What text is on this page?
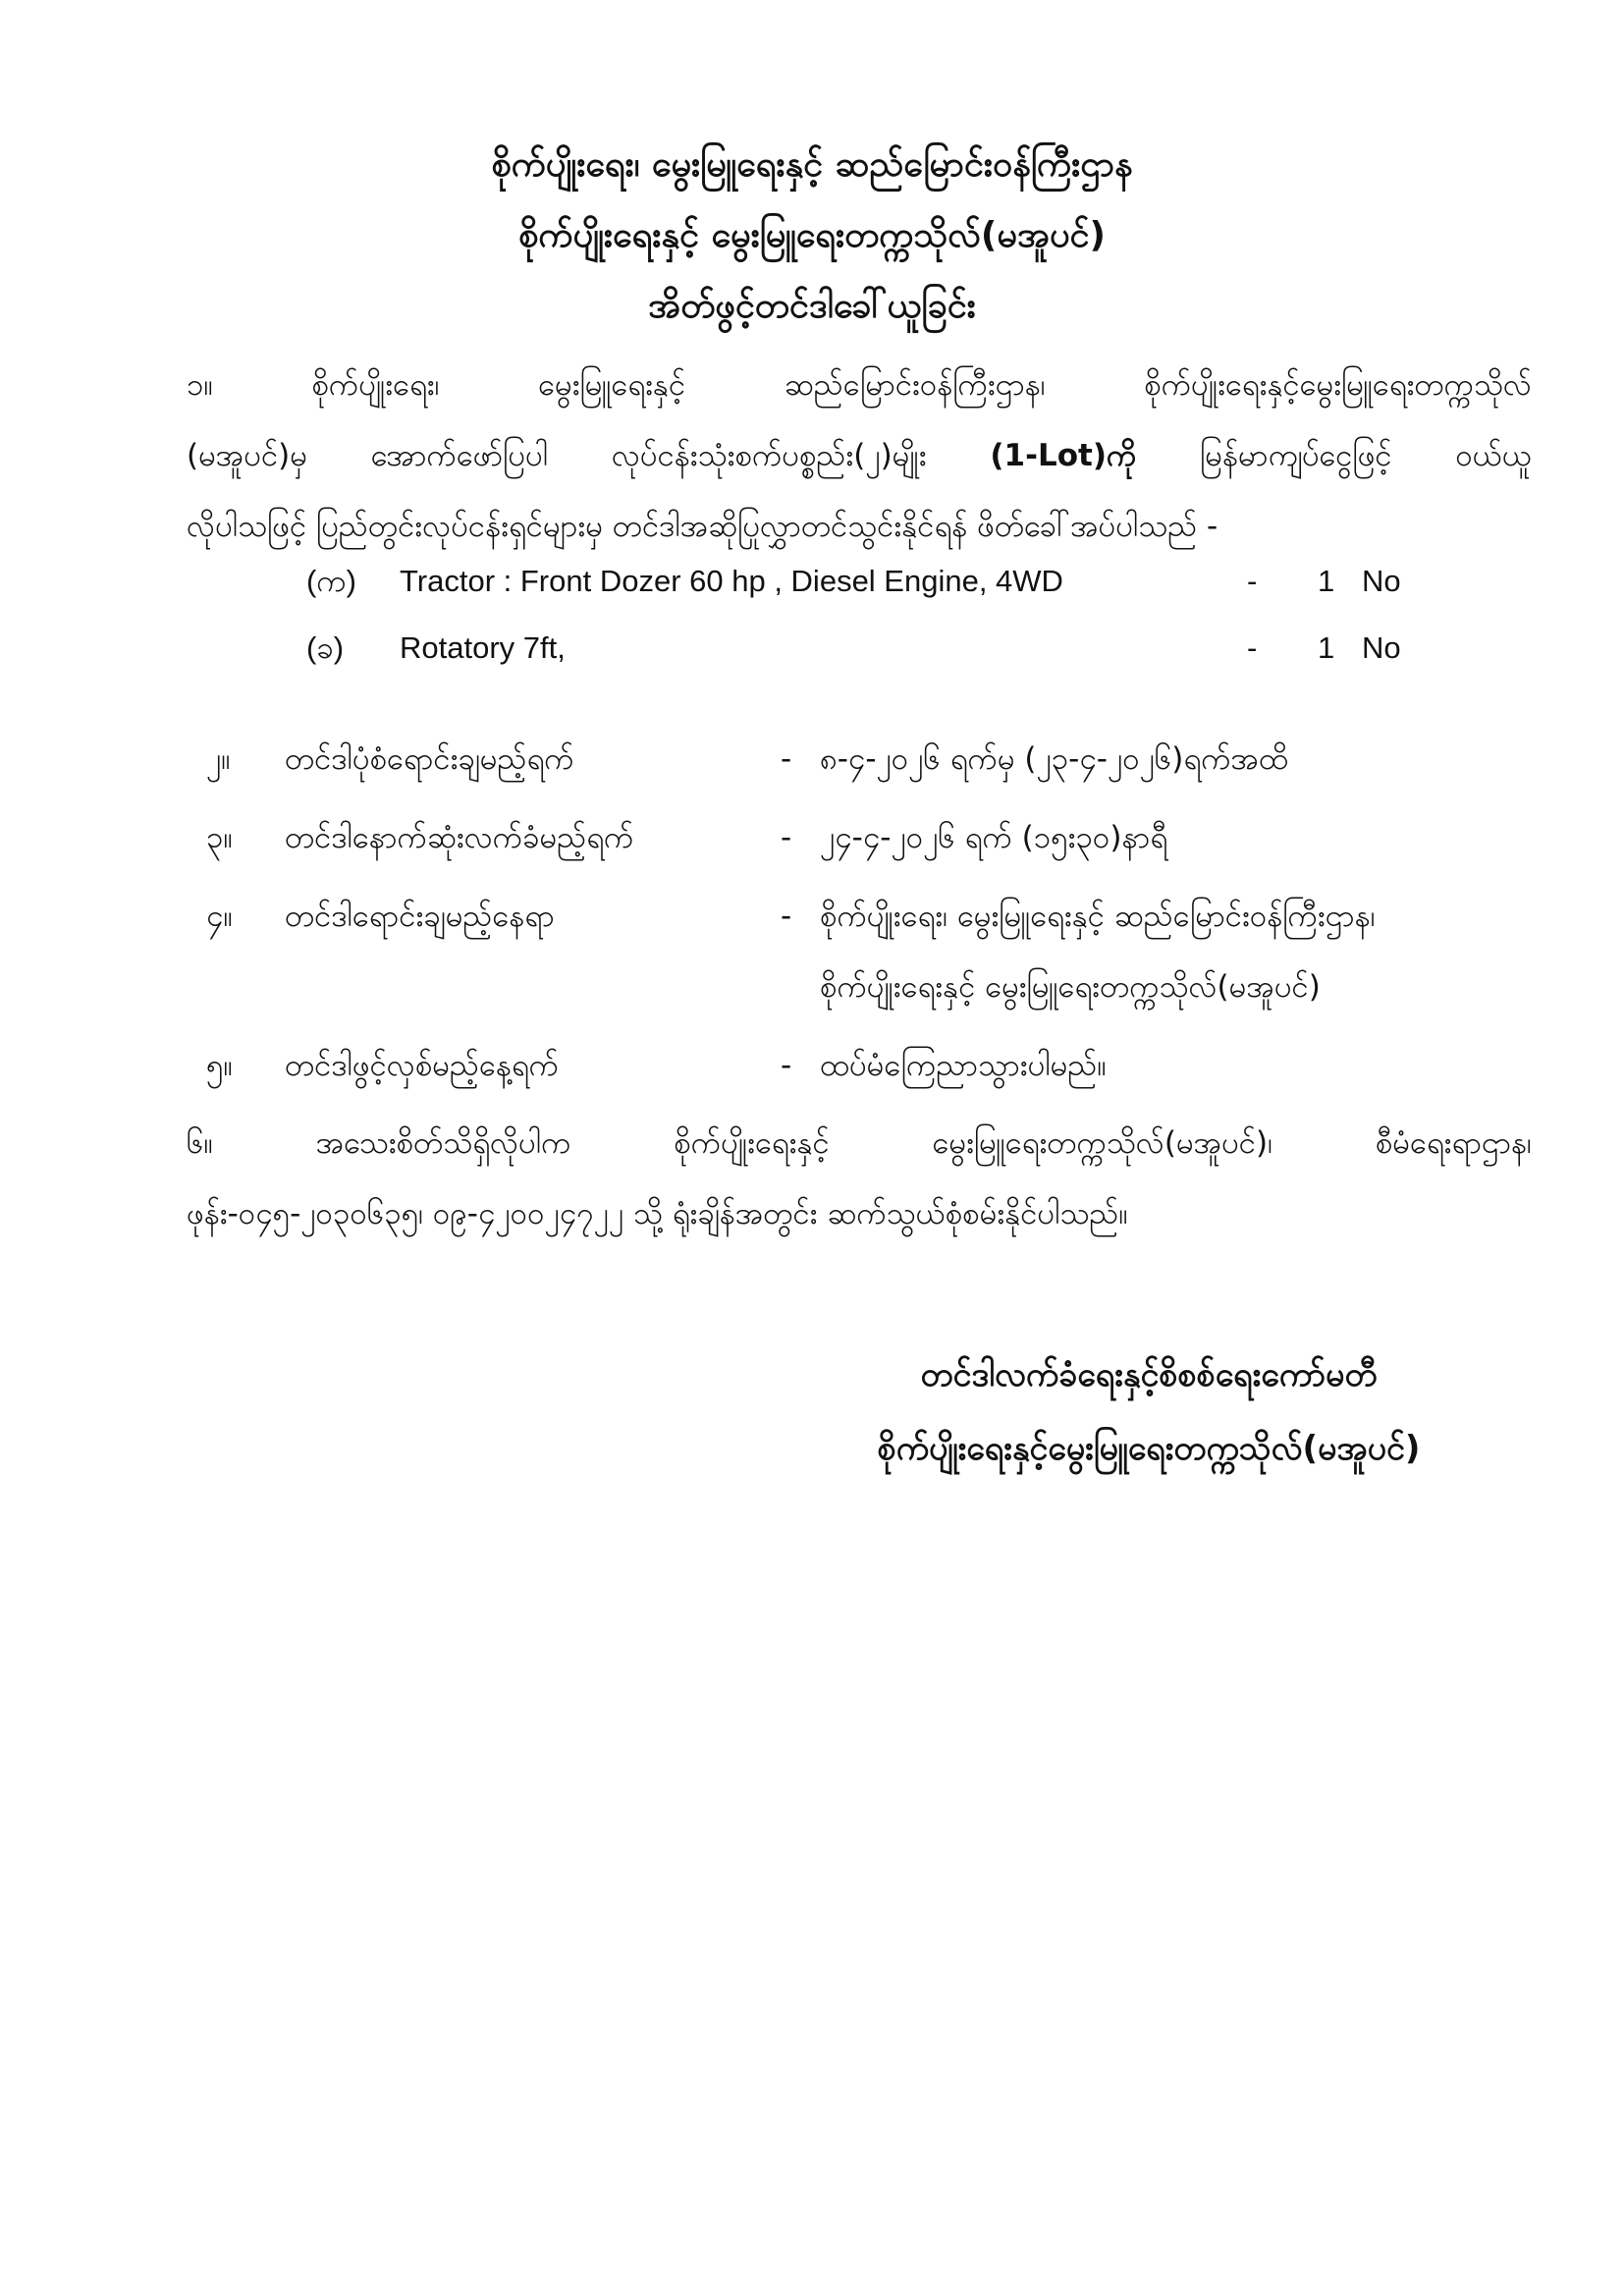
စိုက်ပျိုးရေး၊ မွေးမြူရေးနှင့် ဆည်မြောင်းဝန်ကြီးဌာန
စိုက်ပျိုးရေးနှင့် မွေးမြူရေးတက္ကသိုလ်(မအူပင်)
အိတ်ဖွင့်တင်ဒါခေါ်ယူခြင်း
၁။	စိုက်ပျိုးရေး၊	မွေးမြူရေးနှင့်	ဆည်မြောင်းဝန်ကြီးဌာန၊	စိုက်ပျိုးရေးနှင့်မွေးမြူရေးတက္ကသိုလ်
(မအူပင်)မှ အောက်ဖော်ပြပါ လုပ်ငန်းသုံးစက်ပစ္စည်း(၂)မျိုး (1-Lot)ကို မြန်မာကျပ်ငွေဖြင့် ဝယ်ယူ
လိုပါသဖြင့် ပြည်တွင်းလုပ်ငန်းရှင်များမှ တင်ဒါအဆိုပြုလွှာတင်သွင်းနိုင်ရန် ဖိတ်ခေါ်အပ်ပါသည် -
(က) Tractor : Front Dozer 60 hp , Diesel Engine, 4WD	- 1 No
(ခ) Rotatory 7ft,	- 1 No
၂။ တင်ဒါပုံစံရောင်းချမည့်ရက်	- ၈-၄-၂၀၂၆ ရက်မှ (၂၃-၄-၂၀၂၆)ရက်အထိ
၃။ တင်ဒါနောက်ဆုံးလက်ခံမည့်ရက်	- ၂၄-၄-၂၀၂၆ ရက် (၁၅း၃၀)နာရီ
၄။ တင်ဒါရောင်းချမည့်နေရာ	- စိုက်ပျိုးရေး၊ မွေးမြူရေးနှင့် ဆည်မြောင်းဝန်ကြီးဌာန၊
စိုက်ပျိုးရေးနှင့် မွေးမြူရေးတက္ကသိုလ်(မအူပင်)
၅။ တင်ဒါဖွင့်လှစ်မည့်နေ့ရက်	- ထပ်မံကြေညာသွားပါမည်။
၆။	အသေးစိတ်သိရှိလိုပါက	စိုက်ပျိုးရေးနှင့်	မွေးမြူရေးတက္ကသိုလ်(မအူပင်)၊	စီမံရေးရာဌာန၊
ဖုန်း-၀၄၅-၂၀၃၀၆၃၅၊ ၀၉-၄၂၀၀၂၄၇၂၂ သို့ ရုံးချိန်အတွင်း ဆက်သွယ်စုံစမ်းနိုင်ပါသည်။
တင်ဒါလက်ခံရေးနှင့်စိစစ်ရေးကော်မတီ
စိုက်ပျိုးရေးနှင့်မွေးမြူရေးတက္ကသိုလ်(မအူပင်)
